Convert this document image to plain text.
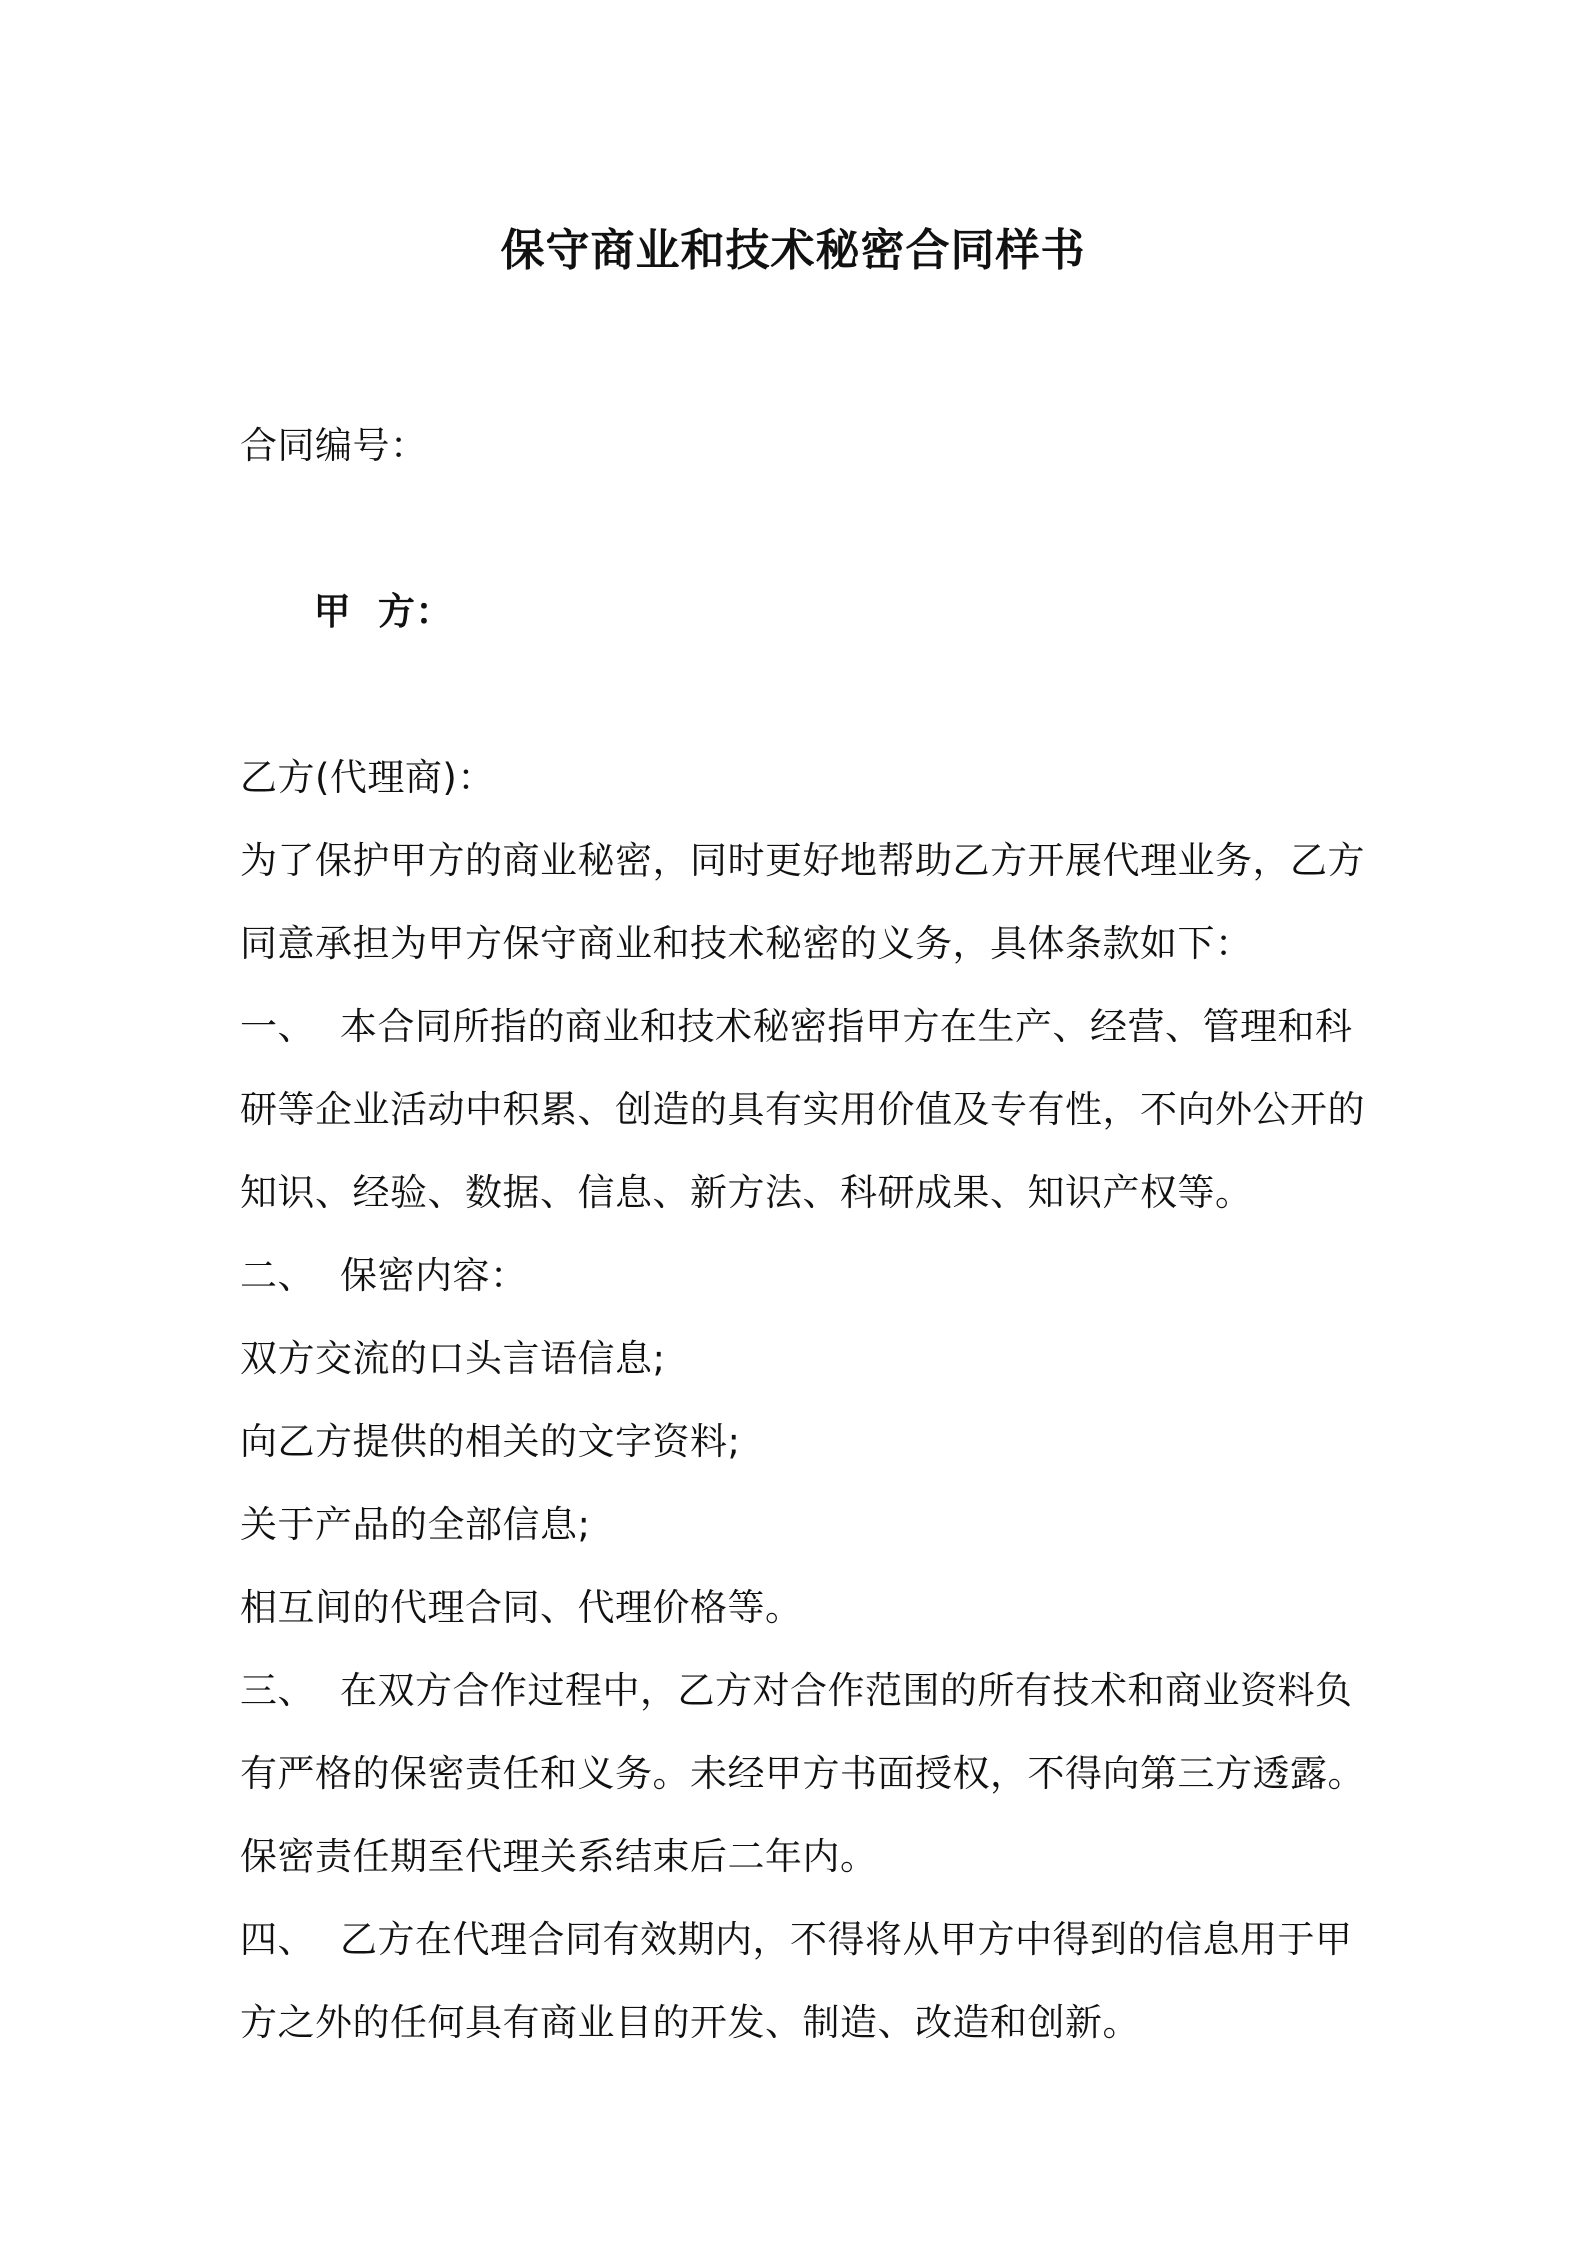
保守商业和技术秘密合同样书

合同编号：

甲  方：

乙方(代理商)：

为了保护甲方的商业秘密，同时更好地帮助乙方开展代理业务，乙方同意承担为甲方保守商业和技术秘密的义务，具体条款如下：

一、 本合同所指的商业和技术秘密指甲方在生产、经营、管理和科研等企业活动中积累、创造的具有实用价值及专有性，不向外公开的知识、经验、数据、信息、新方法、科研成果、知识产权等。

二、 保密内容：

双方交流的口头言语信息;

向乙方提供的相关的文字资料;

关于产品的全部信息;

相互间的代理合同、代理价格等。

三、 在双方合作过程中，乙方对合作范围的所有技术和商业资料负有严格的保密责任和义务。未经甲方书面授权，不得向第三方透露。保密责任期至代理关系结束后二年内。

四、 乙方在代理合同有效期内，不得将从甲方中得到的信息用于甲方之外的任何具有商业目的开发、制造、改造和创新。
